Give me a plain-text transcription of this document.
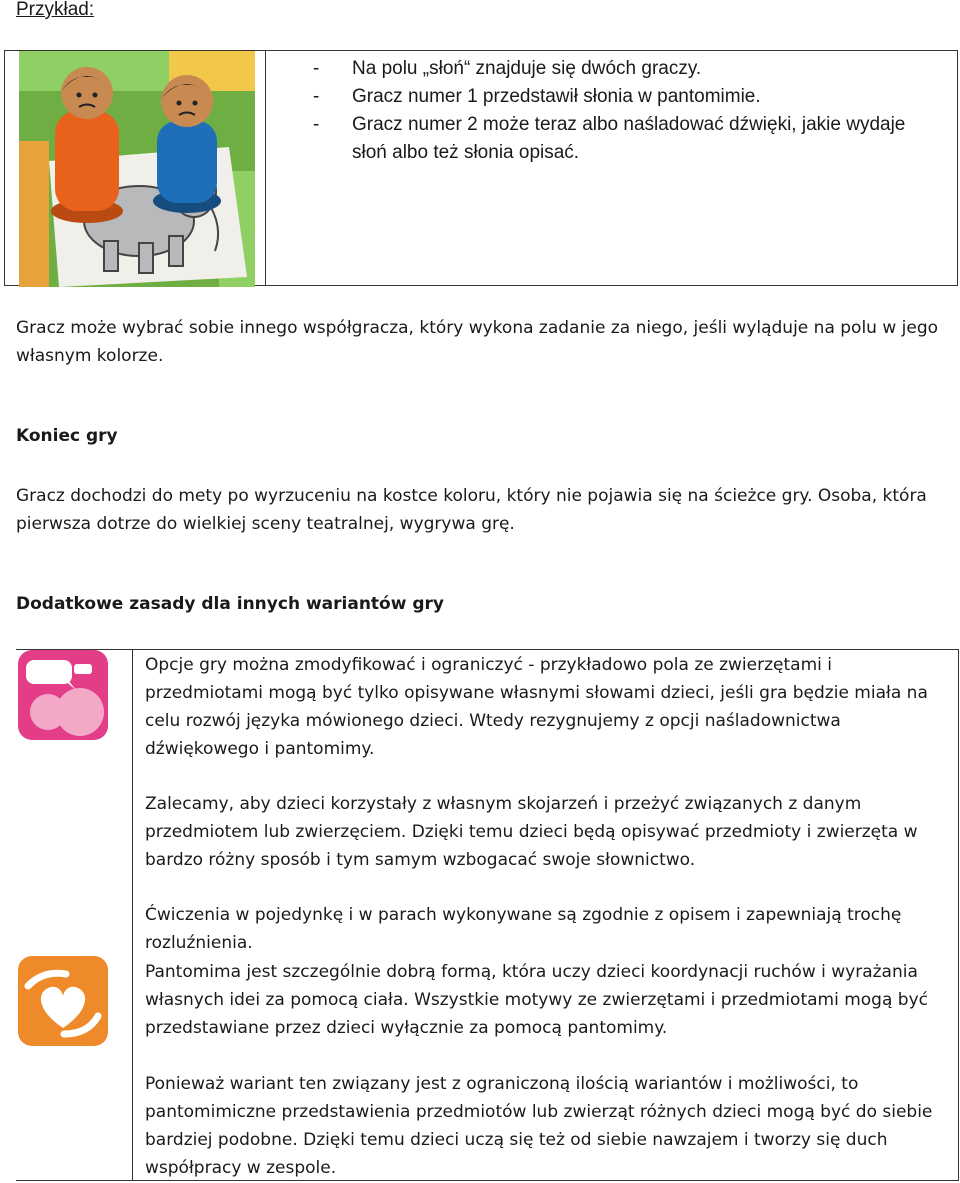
Przykład:
- Na polu „słoń“ znajduje się dwóch graczy.
- Gracz numer 1 przedstawił słonia w pantomimie.
- Gracz numer 2 może teraz albo naśladować dźwięki, jakie wydaje słoń albo też słonia opisać.
Gracz może wybrać sobie innego współgracza, który wykona zadanie za niego, jeśli wyląduje na polu w jego własnym kolorze.
Koniec gry
Gracz dochodzi do mety po wyrzuceniu na kostce koloru, który nie pojawia się na ścieżce gry. Osoba, która pierwsza dotrze do wielkiej sceny teatralnej, wygrywa grę.
Dodatkowe zasady dla innych wariantów gry
Opcje gry można zmodyfikować i ograniczyć - przykładowo pola ze zwierzętami i przedmiotami mogą być tylko opisywane własnymi słowami dzieci, jeśli gra będzie miała na celu rozwój języka mówionego dzieci. Wtedy rezygnujemy z opcji naśladownictwa dźwiękowego i pantomimy.
Zalecamy, aby dzieci korzystały z własnym skojarzeń i przeżyć związanych z danym przedmiotem lub zwierzęciem. Dzięki temu dzieci będą opisywać przedmioty i zwierzęta w bardzo różny sposób i tym samym wzbogacać swoje słownictwo.
Ćwiczenia w pojedynkę i w parach wykonywane są zgodnie z opisem i zapewniają trochę rozluźnienia.
Pantomima jest szczególnie dobrą formą, która uczy dzieci koordynacji ruchów i wyrażania własnych idei za pomocą ciała. Wszystkie motywy ze zwierzętami i przedmiotami mogą być przedstawiane przez dzieci wyłącznie za pomocą pantomimy.
Ponieważ wariant ten związany jest z ograniczoną ilością wariantów i możliwości, to pantomimiczne przedstawienia przedmiotów lub zwierząt różnych dzieci mogą być do siebie bardziej podobne. Dzięki temu dzieci uczą się też od siebie nawzajem i tworzy się duch współpracy w zespole.
